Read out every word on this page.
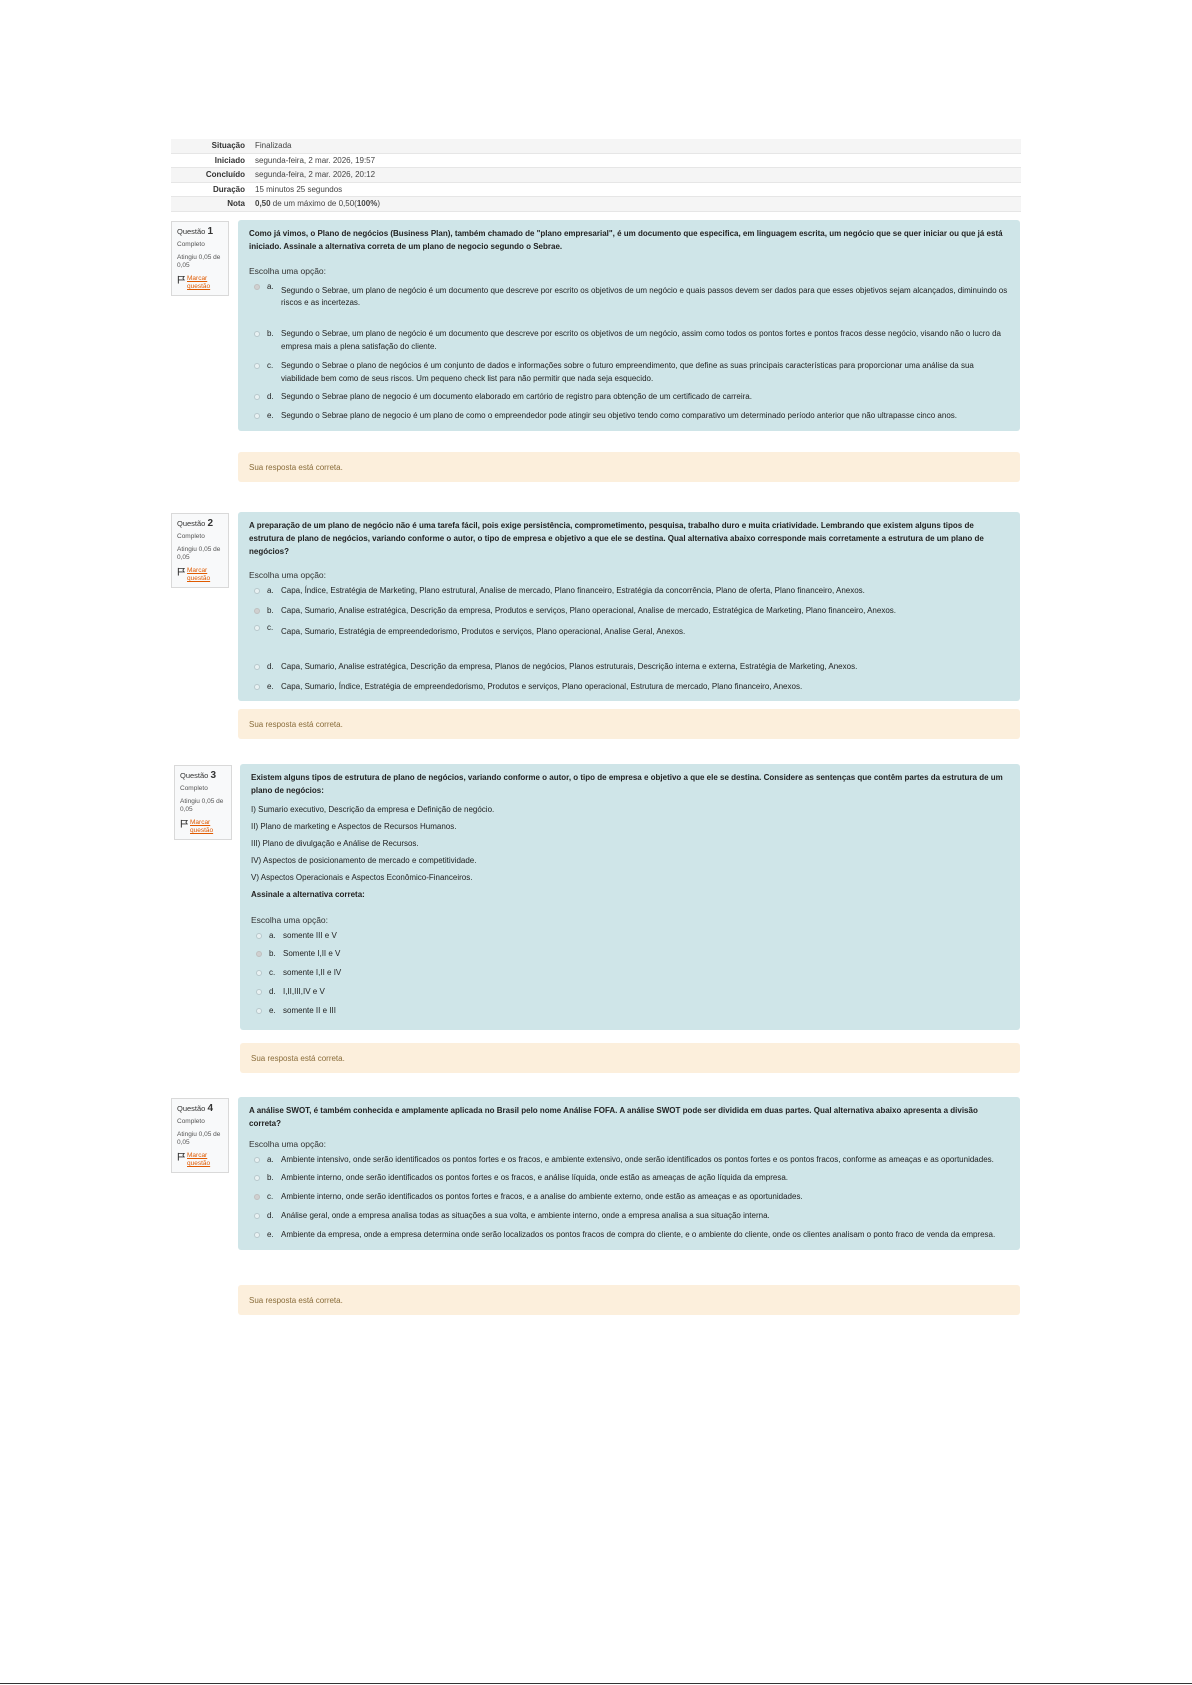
Situação	Finalizada
Iniciado	segunda-feira, 2 mar. 2026, 19:57
Concluído	segunda-feira, 2 mar. 2026, 20:12
Duração	15 minutos 25 segundos
Nota	0,50 de um máximo de 0,50(100%)
Questão 1
Completo
Atingiu 0,05 de 0,05
Marcar questão
Como já vimos, o Plano de negócios (Business Plan), também chamado de "plano empresarial", é um documento que especifica, em linguagem escrita, um negócio que se quer iniciar ou que já está iniciado. Assinale a alternativa correta de um plano de negocio segundo o Sebrae.
Escolha uma opção:
a. Segundo o Sebrae, um plano de negócio é um documento que descreve por escrito os objetivos de um negócio e quais passos devem ser dados para que esses objetivos sejam alcançados, diminuindo os riscos e as incertezas.
b. Segundo o Sebrae, um plano de negócio é um documento que descreve por escrito os objetivos de um negócio, assim como todos os pontos fortes e pontos fracos desse negócio, visando não o lucro da empresa mais a plena satisfação do cliente.
c. Segundo o Sebrae o plano de negócios é um conjunto de dados e informações sobre o futuro empreendimento, que define as suas principais características para proporcionar uma análise da sua viabilidade bem como de seus riscos. Um pequeno check list para não permitir que nada seja esquecido.
d. Segundo o Sebrae plano de negocio é um documento elaborado em cartório de registro para obtenção de um certificado de carreira.
e. Segundo o Sebrae plano de negocio é um plano de como o empreendedor pode atingir seu objetivo tendo como comparativo um determinado período anterior que não ultrapasse cinco anos.
Sua resposta está correta.
Questão 2
Completo
Atingiu 0,05 de 0,05
Marcar questão
A preparação de um plano de negócio não é uma tarefa fácil, pois exige persistência, comprometimento, pesquisa, trabalho duro e muita criatividade. Lembrando que existem alguns tipos de estrutura de plano de negócios, variando conforme o autor, o tipo de empresa e objetivo a que ele se destina. Qual alternativa abaixo corresponde mais corretamente a estrutura de um plano de negócios?
Escolha uma opção:
a. Capa, Índice, Estratégia de Marketing, Plano estrutural, Analise de mercado, Plano financeiro, Estratégia da concorrência, Plano de oferta, Plano financeiro, Anexos.
b. Capa, Sumario, Analise estratégica, Descrição da empresa, Produtos e serviços, Plano operacional, Analise de mercado, Estratégica de Marketing, Plano financeiro, Anexos.
c. Capa, Sumario, Estratégia de empreendedorismo, Produtos e serviços, Plano operacional, Analise Geral, Anexos.
d. Capa, Sumario, Analise estratégica, Descrição da empresa, Planos de negócios, Planos estruturais, Descrição interna e externa, Estratégia de Marketing, Anexos.
e. Capa, Sumario, Índice, Estratégia de empreendedorismo, Produtos e serviços, Plano operacional, Estrutura de mercado, Plano financeiro, Anexos.
Sua resposta está correta.
Questão 3
Completo
Atingiu 0,05 de 0,05
Marcar questão
Existem alguns tipos de estrutura de plano de negócios, variando conforme o autor, o tipo de empresa e objetivo a que ele se destina. Considere as sentenças que contêm partes da estrutura de um plano de negócios:

I) Sumario executivo, Descrição da empresa e Definição de negócio.

II) Plano de marketing e Aspectos de Recursos Humanos.

III) Plano de divulgação e Análise de Recursos.

IV) Aspectos de posicionamento de mercado e competitividade.

V) Aspectos Operacionais e Aspectos Econômico-Financeiros.

Assinale a alternativa correta:

Escolha uma opção:
a. somente III e V
b. Somente I,II e V
c. somente I,II e IV
d. I,II,III,IV e V
e. somente II e III
Sua resposta está correta.
Questão 4
Completo
Atingiu 0,05 de 0,05
Marcar questão
A análise SWOT, é também conhecida e amplamente aplicada no Brasil pelo nome Análise FOFA. A análise SWOT pode ser dividida em duas partes. Qual alternativa abaixo apresenta a divisão correta?
Escolha uma opção:
a. Ambiente intensivo, onde serão identificados os pontos fortes e os fracos, e ambiente extensivo, onde serão identificados os pontos fortes e os pontos fracos, conforme as ameaças e as oportunidades.
b. Ambiente interno, onde serão identificados os pontos fortes e os fracos, e análise líquida, onde estão as ameaças de ação líquida da empresa.
c. Ambiente interno, onde serão identificados os pontos fortes e fracos, e a analise do ambiente externo, onde estão as ameaças e as oportunidades.
d. Análise geral, onde a empresa analisa todas as situações a sua volta, e ambiente interno, onde a empresa analisa a sua situação interna.
e. Ambiente da empresa, onde a empresa determina onde serão localizados os pontos fracos de compra do cliente, e o ambiente do cliente, onde os clientes analisam o ponto fraco de venda da empresa.
Sua resposta está correta.
